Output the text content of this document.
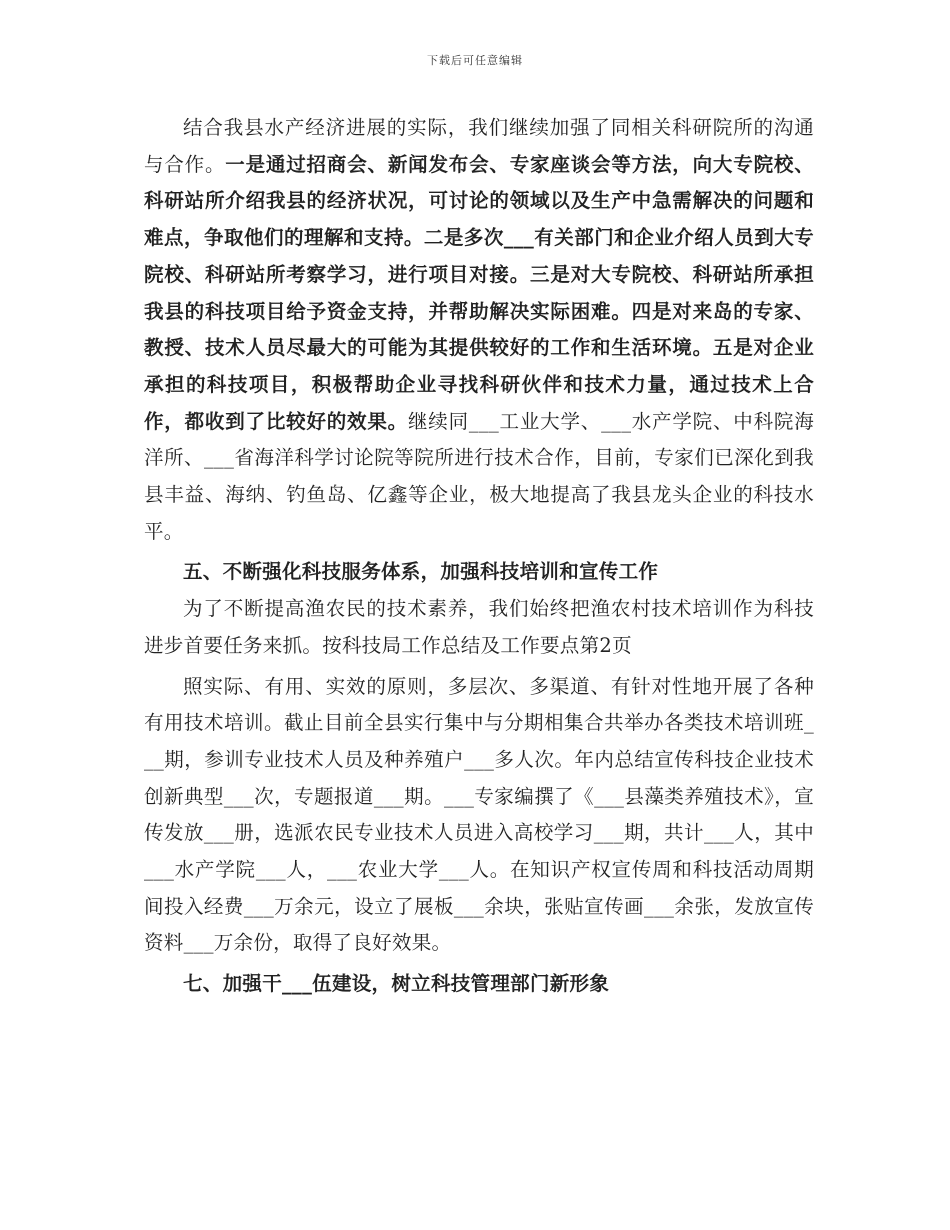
下载后可任意编辑

结合我县水产经济进展的实际，我们继续加强了同相关科研院所的沟通与合作。一是通过招商会、新闻发布会、专家座谈会等方法，向大专院校、科研站所介绍我县的经济状况，可讨论的领域以及生产中急需解决的问题和难点，争取他们的理解和支持。二是多次___有关部门和企业介绍人员到大专院校、科研站所考察学习，进行项目对接。三是对大专院校、科研站所承担我县的科技项目给予资金支持，并帮助解决实际困难。四是对来岛的专家、教授、技术人员尽最大的可能为其提供较好的工作和生活环境。五是对企业承担的科技项目，积极帮助企业寻找科研伙伴和技术力量，通过技术上合作，都收到了比较好的效果。继续同___工业大学、___水产学院、中科院海洋所、___省海洋科学讨论院等院所进行技术合作，目前，专家们已深化到我县丰益、海纳、钓鱼岛、亿鑫等企业，极大地提高了我县龙头企业的科技水平。

五、不断强化科技服务体系，加强科技培训和宣传工作

为了不断提高渔农民的技术素养，我们始终把渔农村技术培训作为科技进步首要任务来抓。按科技局工作总结及工作要点第2页

照实际、有用、实效的原则，多层次、多渠道、有针对性地开展了各种有用技术培训。截止目前全县实行集中与分期相集合共举办各类技术培训班___期，参训专业技术人员及种养殖户___多人次。年内总结宣传科技企业技术创新典型___次，专题报道___期。___专家编撰了《___县藻类养殖技术》，宣传发放___册，选派农民专业技术人员进入高校学习___期，共计___人，其中___水产学院___人，___农业大学___人。在知识产权宣传周和科技活动周期间投入经费___万余元，设立了展板___余块，张贴宣传画___余张，发放宣传资料___万余份，取得了良好效果。

七、加强干___伍建设，树立科技管理部门新形象
